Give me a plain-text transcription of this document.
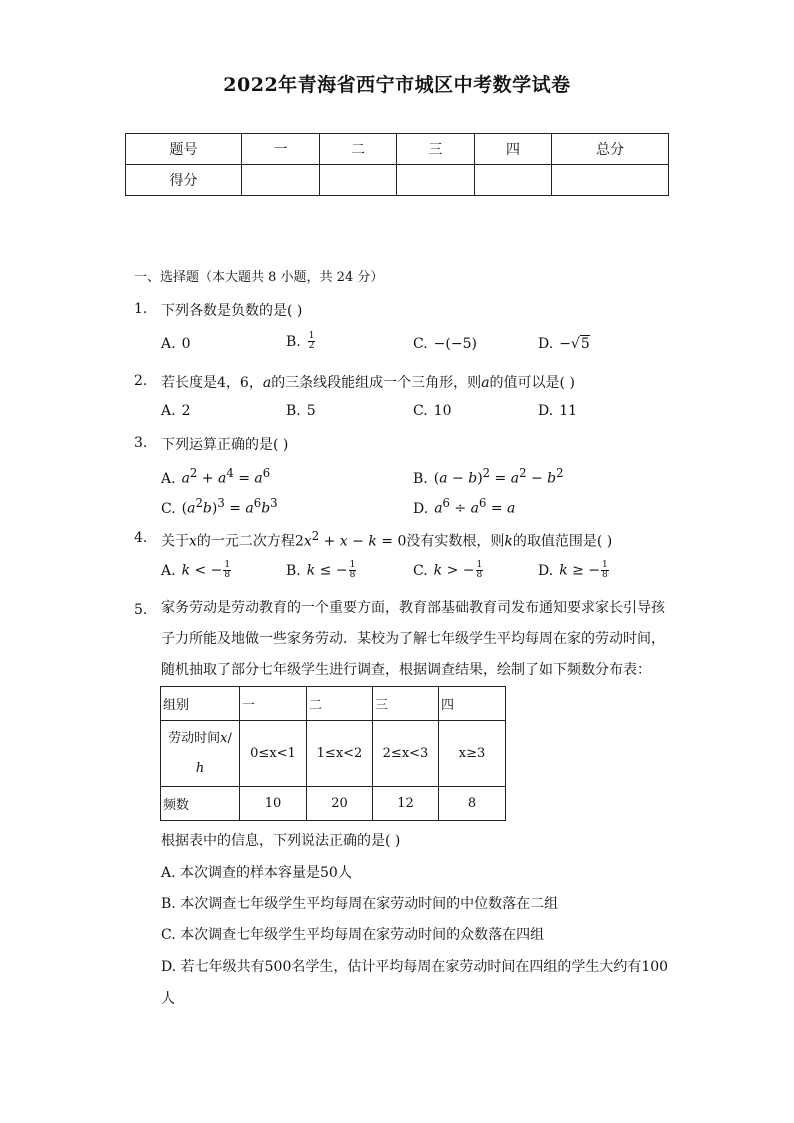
2022年青海省西宁市城区中考数学试卷
题号	一	二	三	四	总分
得分					
一、选择题（本大题共 8 小题，共 24 分）
1. 下列各数是负数的是( )
A. 0	B. $\frac{1}{2}$	C. −(−5)	D. −√5
2. 若长度是4，6，a的三条线段能组成一个三角形，则a的值可以是( )
A. 2	B. 5	C. 10	D. 11
3. 下列运算正确的是( )
A. $a^2 + a^4 = a^6$	B. $(a - b)^2 = a^2 - b^2$
C. $(a^2b)^3 = a^6b^3$	D. $a^6 \div a^6 = a$
4. 关于x的一元二次方程$2x^2 + x - k = 0$没有实数根，则k的取值范围是( )
A. k < − $\frac{1}{8}$	B. k ≤ − $\frac{1}{8}$	C. k > − $\frac{1}{8}$	D. k ≥ − $\frac{1}{8}$
5. 家务劳动是劳动教育的一个重要方面，教育部基础教育司发布通知要求家长引导孩
子力所能及地做一些家务劳动．某校为了解七年级学生平均每周在家的劳动时间，
随机抽取了部分七年级学生进行调查，根据调查结果，绘制了如下频数分布表：
组别	一	二	三	四
劳动时间x/
h	0≤x<1	1≤x<2	2≤x<3	x≥3
频数	10	20	12	8
根据表中的信息，下列说法正确的是( )
A. 本次调查的样本容量是50人
B. 本次调查七年级学生平均每周在家劳动时间的中位数落在二组
C. 本次调查七年级学生平均每周在家劳动时间的众数落在四组
D. 若七年级共有500名学生，估计平均每周在家劳动时间在四组的学生大约有100
人
